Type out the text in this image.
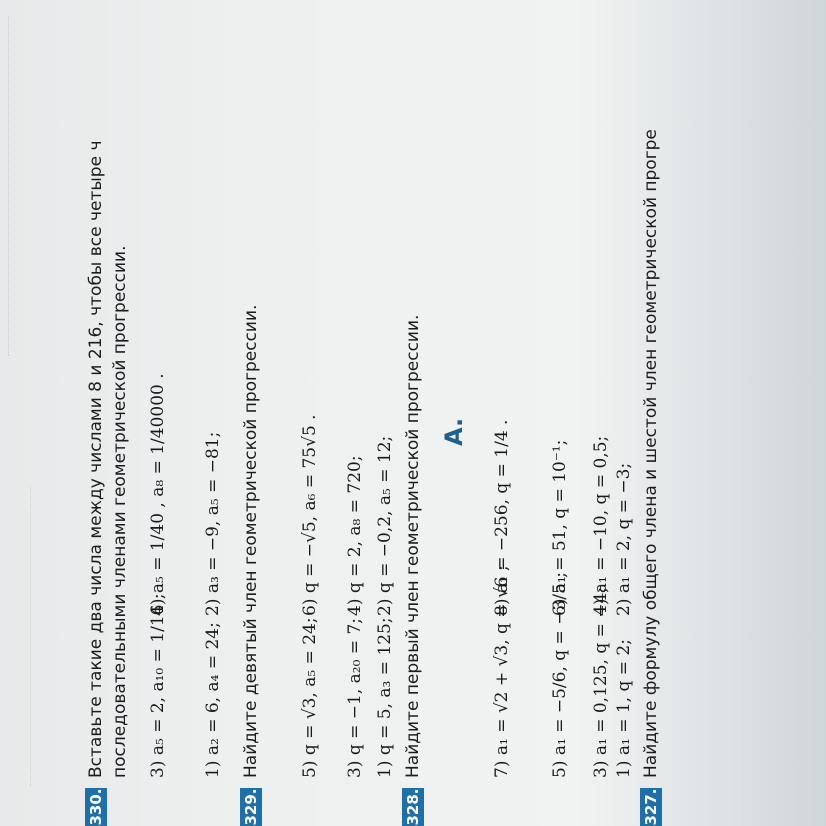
A.
327.
Найдите формулу общего члена и шестой член геометрической прогре
1) a₁ = 1, q = 2;
2) a₁ = 2, q = −3;
3) a₁ = 0,125, q = −4;
4) a₁ = −10, q = 0,5;
5) a₁ = −5/6, q = −3/5 ;
6) a₁ = 51, q = 10⁻¹;
7) a₁ = √2 + √3, q = √6 ;
8) a₁ = −256, q = 1/4 .
328.
Найдите первый член геометрической прогрессии.
1) q = 5, a₃ = 125;
2) q = −0,2, a₅ = 12;
3) q = −1, a₂₀ = 7;
4) q = 2, a₈ = 720;
5) q = √3, a₅ = 24;
6) q = −√5, a₆ = 75√5 .
329.
Найдите девятый член геометрической прогрессии.
1) a₂ = 6, a₄ = 24;
2) a₃ = −9, a₅ = −81;
3) a₅ = 2, a₁₀ = 1/16 ;
4) a₅ = 1/40 , a₈ = 1/40000 .
330.
Вставьте такие два числа между числами 8 и 216, чтобы все четыре ч последовательными членами геометрической прогрессии.
